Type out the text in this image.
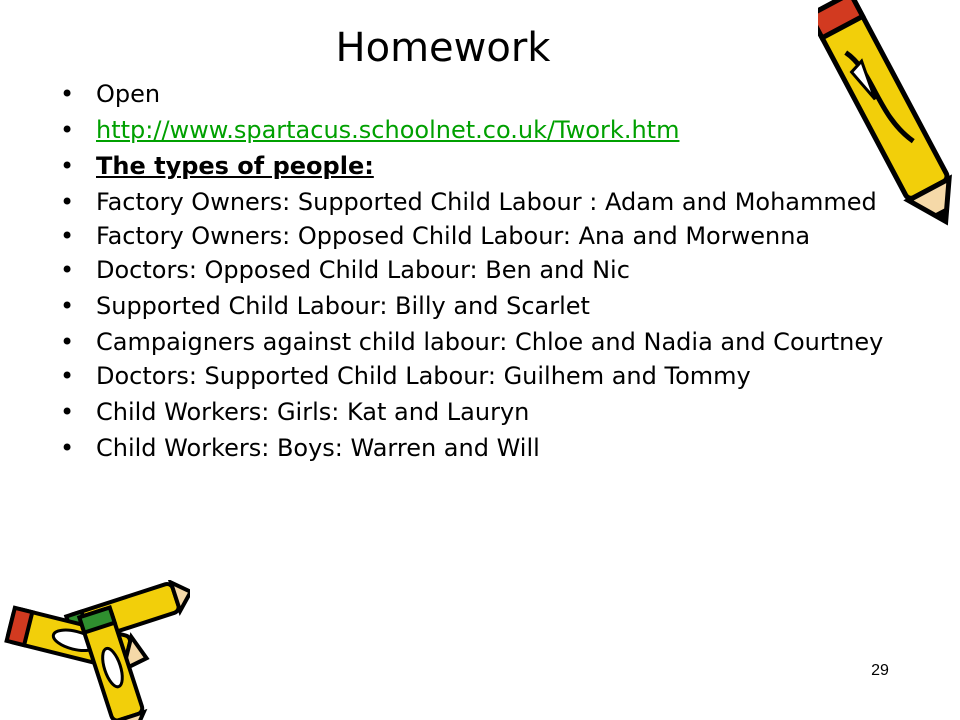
Homework
• Open
• http://www.spartacus.schoolnet.co.uk/Twork.htm
• The types of people:
• Factory Owners: Supported Child Labour : Adam and Mohammed
• Factory Owners: Opposed Child Labour: Ana and Morwenna
• Doctors: Opposed Child Labour: Ben and Nic
• Supported Child Labour: Billy and Scarlet
• Campaigners against child labour: Chloe and Nadia and Courtney
• Doctors: Supported Child Labour: Guilhem and Tommy
• Child Workers: Girls: Kat and Lauryn
• Child Workers: Boys: Warren and Will
29
